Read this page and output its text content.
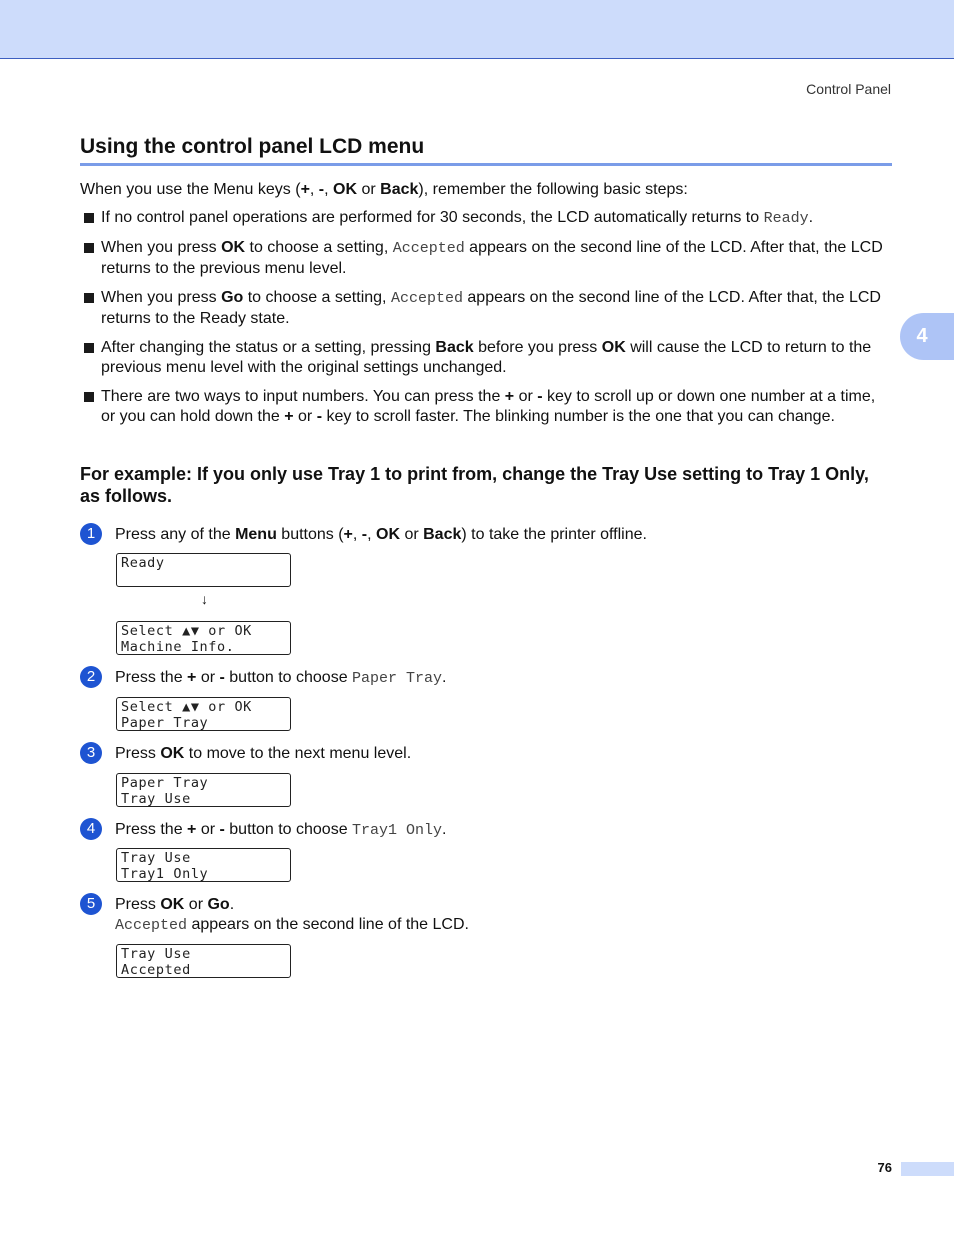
Control Panel
Using the control panel LCD menu

When you use the Menu keys (+, -, OK or Back), remember the following basic steps:

If no control panel operations are performed for 30 seconds, the LCD automatically returns to Ready.
When you press OK to choose a setting, Accepted appears on the second line of the LCD. After that, the LCD returns to the previous menu level.
When you press Go to choose a setting, Accepted appears on the second line of the LCD. After that, the LCD returns to the Ready state.
After changing the status or a setting, pressing Back before you press OK will cause the LCD to return to the previous menu level with the original settings unchanged.
There are two ways to input numbers. You can press the + or - key to scroll up or down one number at a time, or you can hold down the + or - key to scroll faster. The blinking number is the one that you can change.
4
For example: If you only use Tray 1 to print from, change the Tray Use setting to Tray 1 Only, as follows.
1	Press any of the Menu buttons (+, -, OK or Back) to take the printer offline.
Ready
↓
Select ▲▼ or OK
Machine Info.
2	Press the + or - button to choose Paper Tray.
Select ▲▼ or OK
Paper Tray
3	Press OK to move to the next menu level.
Paper Tray
Tray Use
4	Press the + or - button to choose Tray1 Only.
Tray Use
Tray1 Only
5	Press OK or Go.
Accepted appears on the second line of the LCD.
Tray Use
Accepted
76
